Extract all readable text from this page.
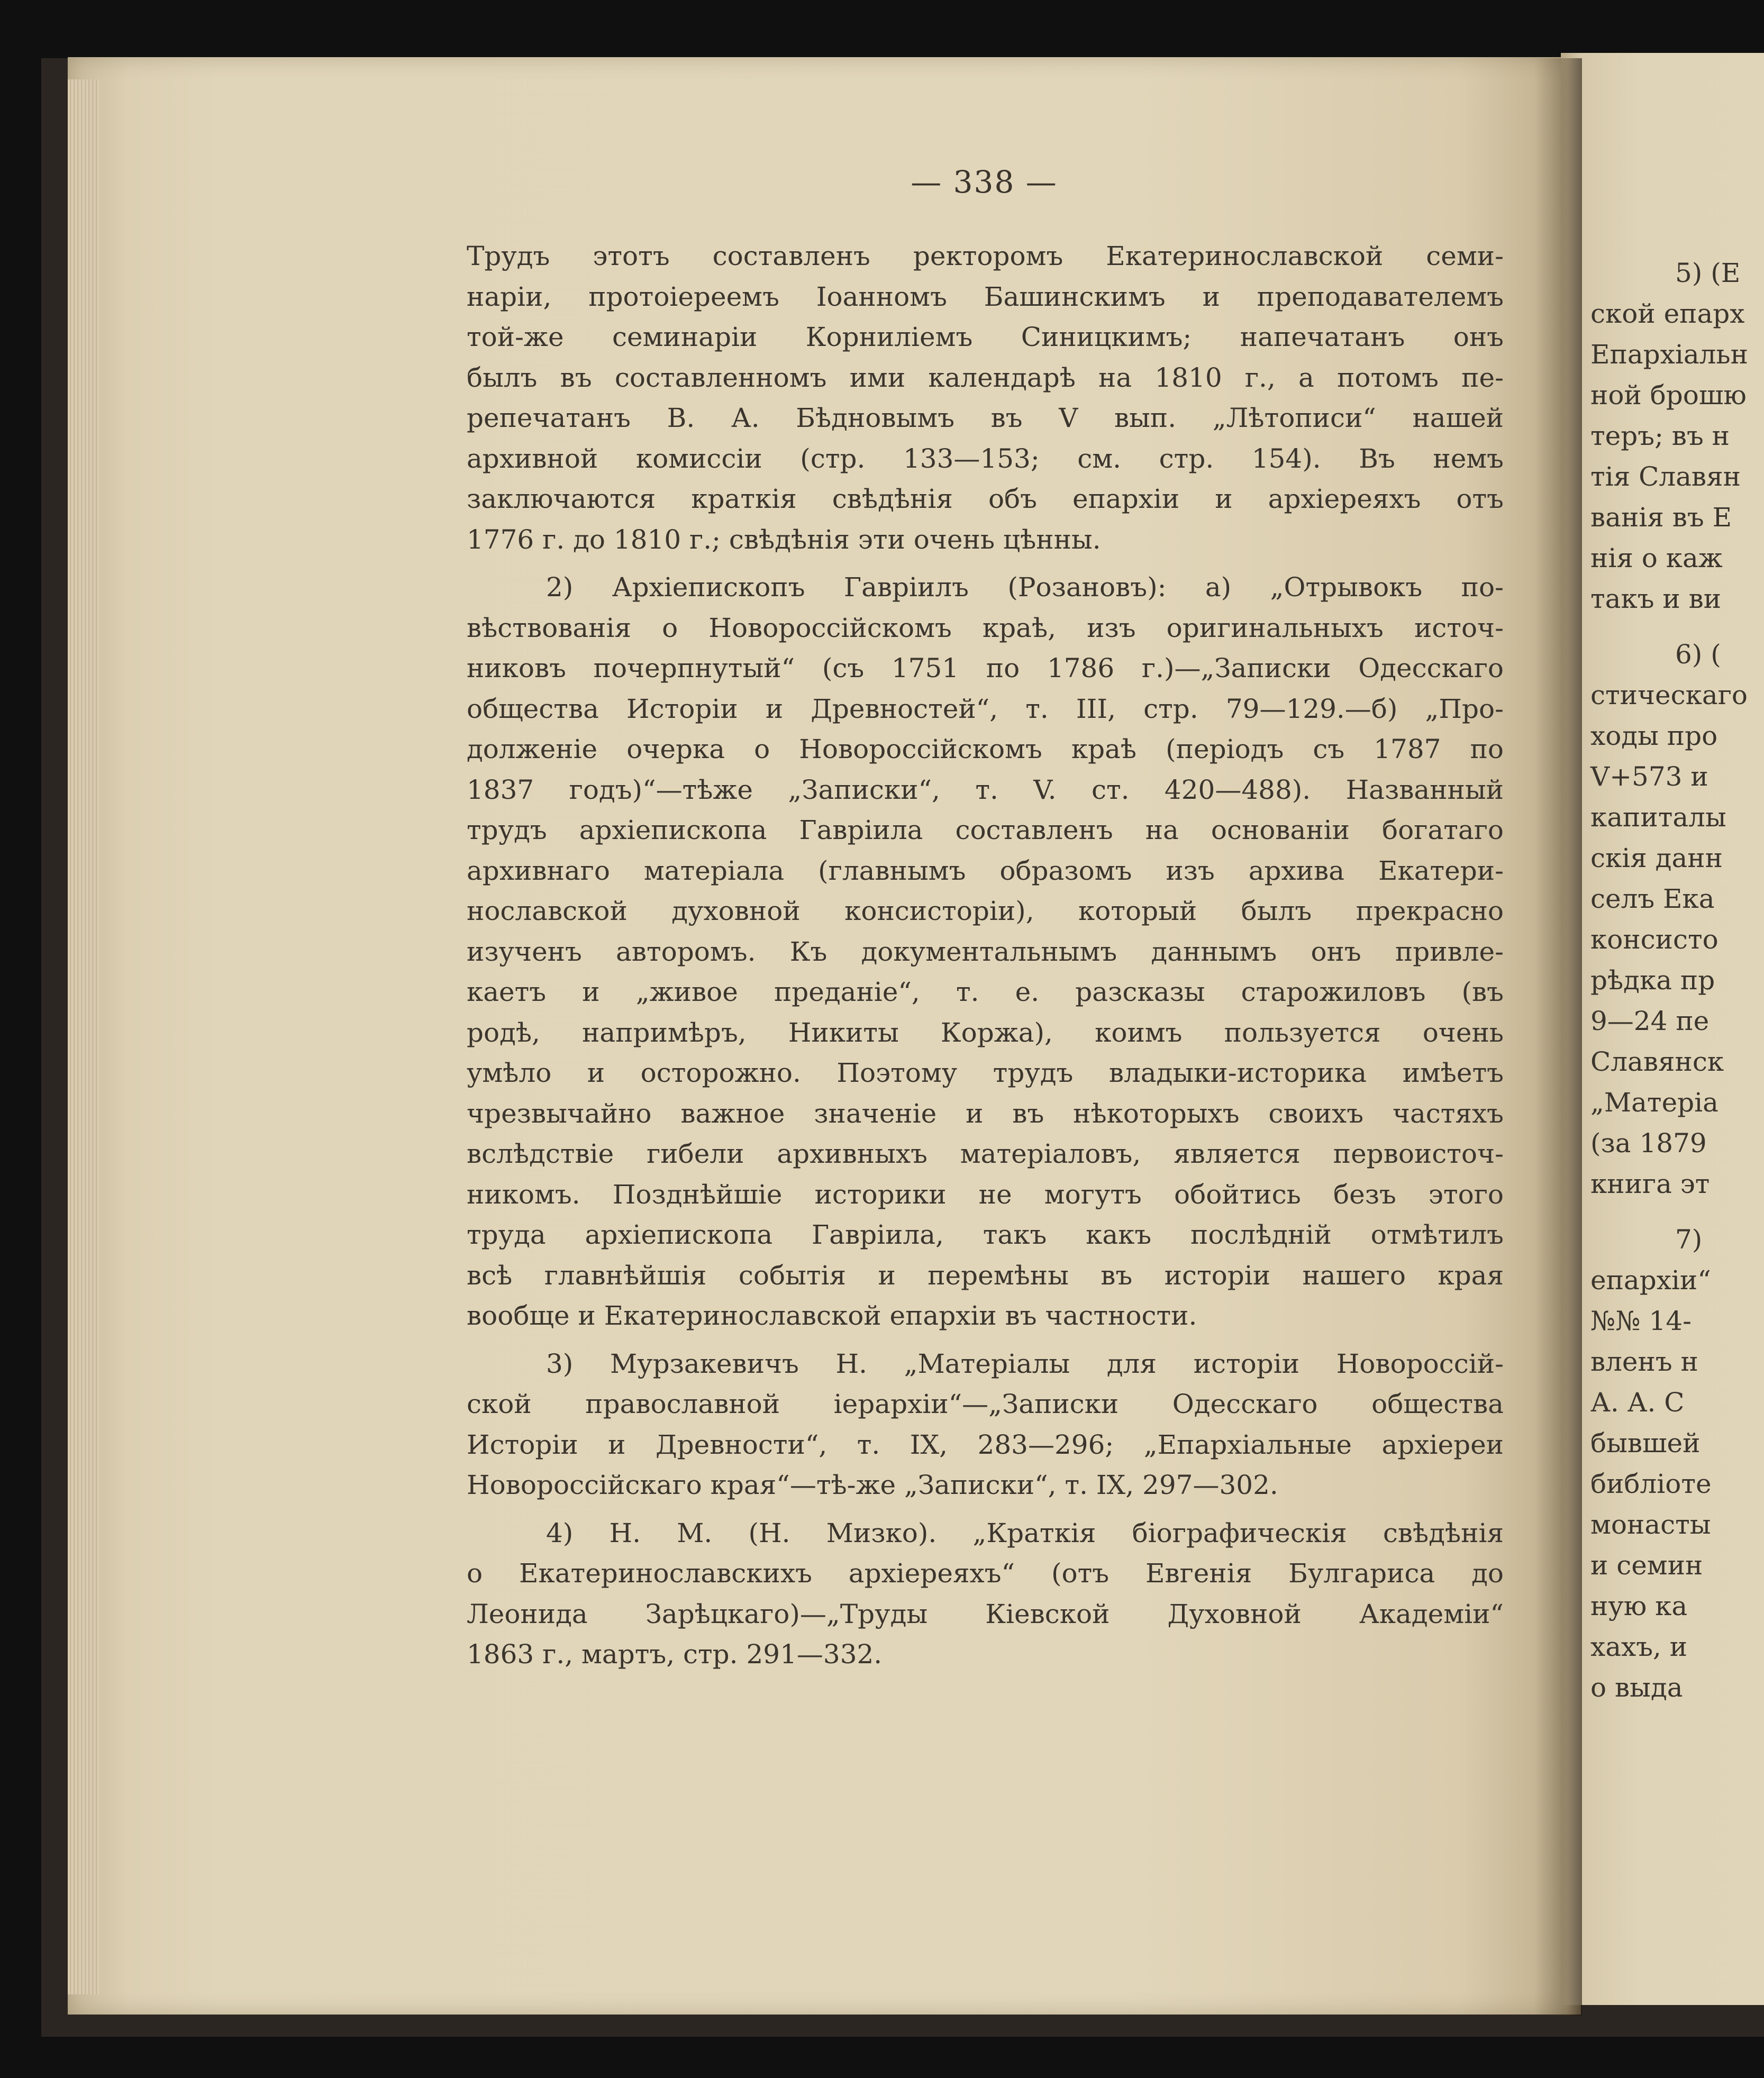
5) (Е
ской епарх
Епархіальн
ной брошю
теръ; въ н
тія Славян
ванія въ Е
нія о каж
такъ и ви
6) (
стическаго
ходы про
V+573 и
капиталы
скія данн
селъ Ека
консисто
рѣдка пр
9—24 пе
Славянск
„Матеріа
(за 1879
книга эт
7)
епархіи“
№№ 14-
вленъ н
А. А. С
бывшей
библіоте
монасты
и семин
ную ка
хахъ, и
о выда
— 338 —
Трудъ этотъ составленъ ректоромъ Екатеринославской семи-
наріи, протоіереемъ Іоанномъ Башинскимъ и преподавателемъ
той-же семинаріи Корниліемъ Синицкимъ; напечатанъ онъ
былъ въ составленномъ ими календарѣ на 1810 г., а потомъ пе-
репечатанъ В. А. Бѣдновымъ въ V вып. „Лѣтописи“ нашей
архивной комиссіи (стр. 133—153; см. стр. 154). Въ немъ
заключаются краткія свѣдѣнія объ епархіи и архіереяхъ отъ
1776 г. до 1810 г.; свѣдѣнія эти очень цѣнны.
2) Архіепископъ Гавріилъ (Розановъ): а) „Отрывокъ по-
вѣствованія о Новороссійскомъ краѣ, изъ оригинальныхъ источ-
никовъ почерпнутый“ (съ 1751 по 1786 г.)—„Записки Одесскаго
общества Исторіи и Древностей“, т. III, стр. 79—129.—б) „Про-
долженіе очерка о Новороссійскомъ краѣ (періодъ съ 1787 по
1837 годъ)“—тѣже „Записки“, т. V. ст. 420—488). Названный
трудъ архіепископа Гавріила составленъ на основаніи богатаго
архивнаго матеріала (главнымъ образомъ изъ архива Екатери-
нославской духовной консисторіи), который былъ прекрасно
изученъ авторомъ. Къ документальнымъ даннымъ онъ привле-
каетъ и „живое преданіе“, т. е. разсказы старожиловъ (въ
родѣ, напримѣръ, Никиты Коржа), коимъ пользуется очень
умѣло и осторожно. Поэтому трудъ владыки-историка имѣетъ
чрезвычайно важное значеніе и въ нѣкоторыхъ своихъ частяхъ
вслѣдствіе гибели архивныхъ матеріаловъ, является первоисточ-
никомъ. Позднѣйшіе историки не могутъ обойтись безъ этого
труда архіепископа Гавріила, такъ какъ послѣдній отмѣтилъ
всѣ главнѣйшія событія и перемѣны въ исторіи нашего края
вообще и Екатеринославской епархіи въ частности.
3) Мурзакевичъ Н. „Матеріалы для исторіи Новороссій-
ской православной іерархіи“—„Записки Одесскаго общества
Исторіи и Древности“, т. IX, 283—296; „Епархіальные архіереи
Новороссійскаго края“—тѣ-же „Записки“, т. IX, 297—302.
4) Н. М. (Н. Мизко). „Краткія біографическія свѣдѣнія
о Екатеринославскихъ архіереяхъ“ (отъ Евгенія Булгариса до
Леонида Зарѣцкаго)—„Труды Кіевской Духовной Академіи“
1863 г., мартъ, стр. 291—332.
